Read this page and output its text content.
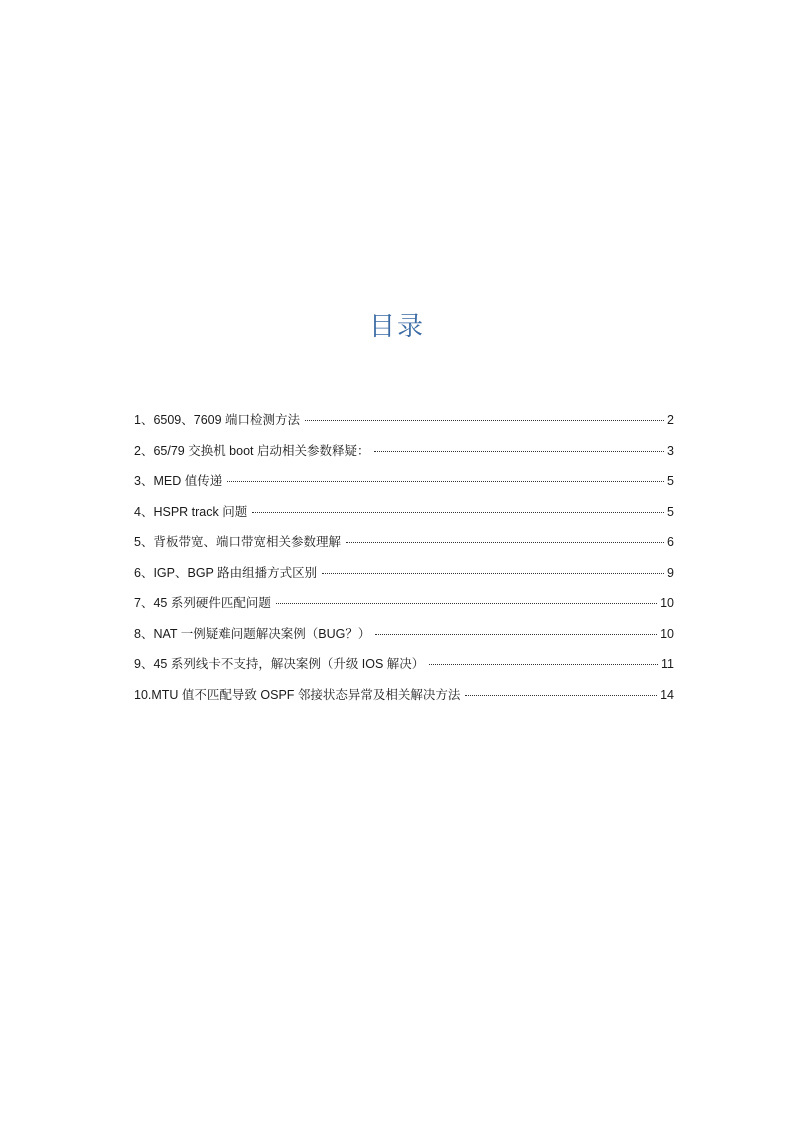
目录
1、6509、7609 端口检测方法	2
2、65/79 交换机 boot 启动相关参数释疑：	3
3、MED 值传递	5
4、HSPR track 问题	5
5、背板带宽、端口带宽相关参数理解	6
6、IGP、BGP 路由组播方式区别	9
7、45 系列硬件匹配问题	10
8、NAT 一例疑难问题解决案例（BUG？）	10
9、45 系列线卡不支持，解决案例（升级 IOS 解决）	11
10.MTU 值不匹配导致 OSPF 邻接状态异常及相关解决方法	14
